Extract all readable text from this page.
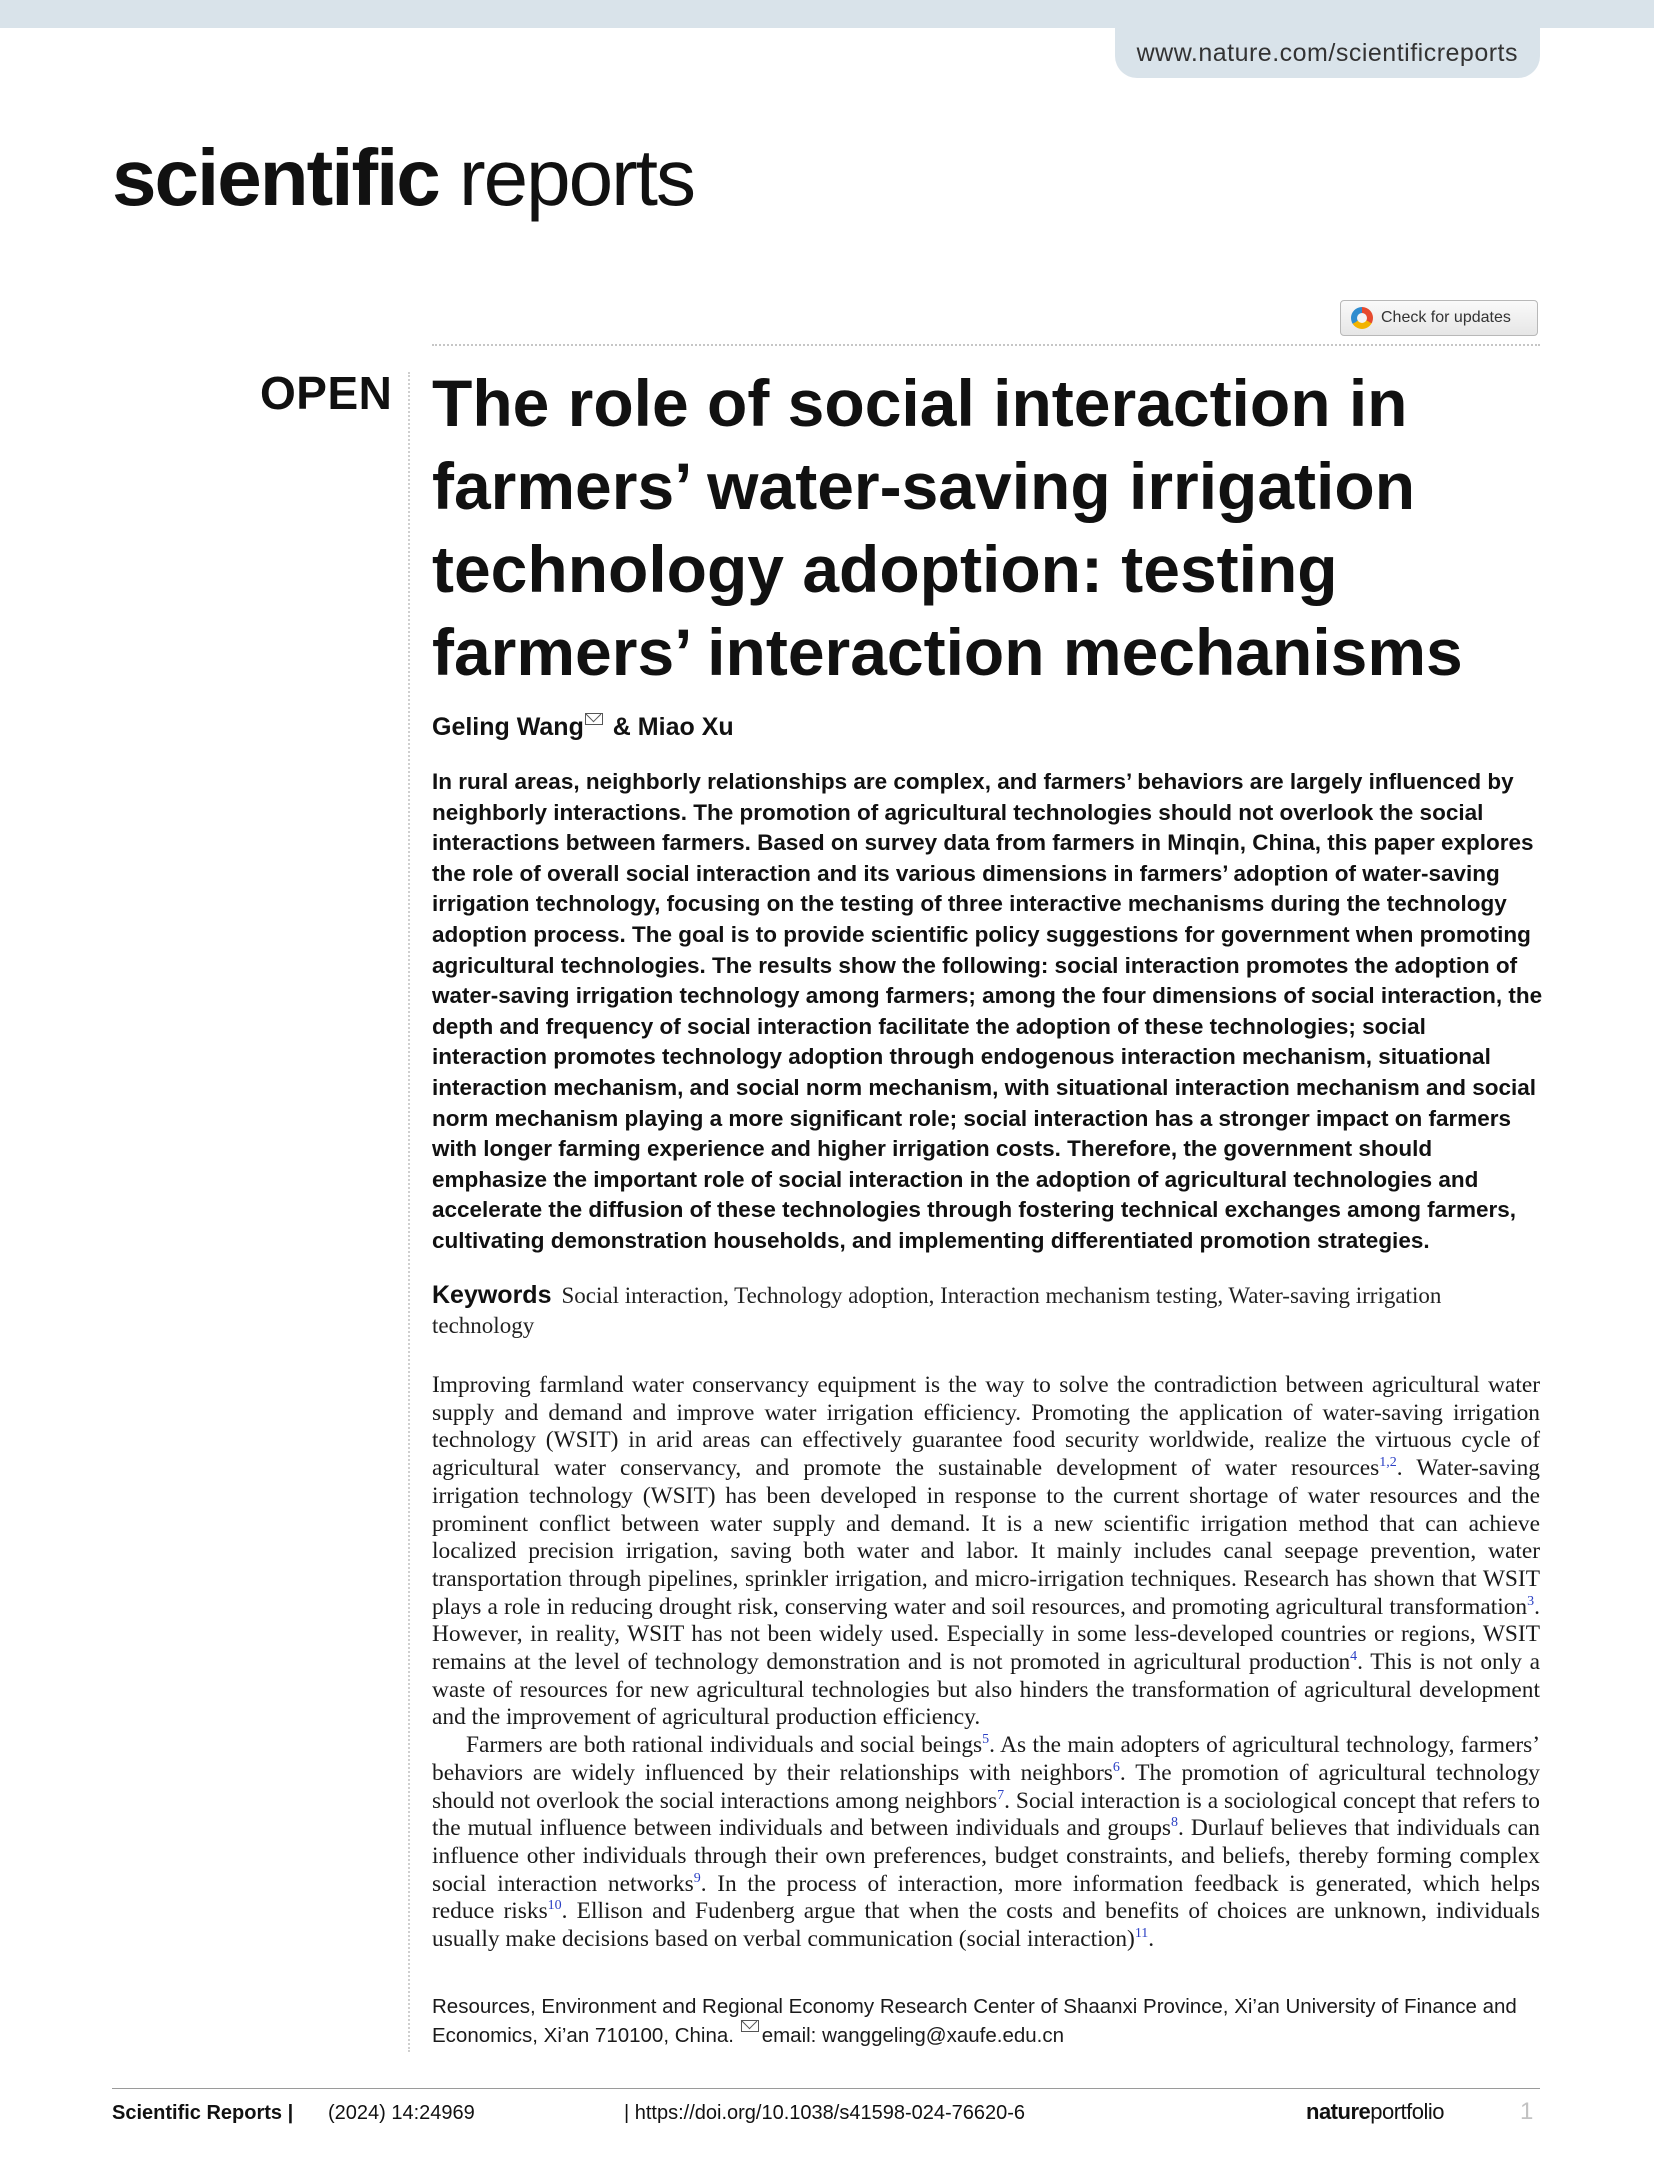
www.nature.com/scientificreports
scientific reports
Check for updates
OPEN The role of social interaction in farmers’ water-saving irrigation technology adoption: testing farmers’ interaction mechanisms
Geling Wang & Miao Xu

In rural areas, neighborly relationships are complex, and farmers’ behaviors are largely influenced by neighborly interactions. The promotion of agricultural technologies should not overlook the social interactions between farmers. Based on survey data from farmers in Minqin, China, this paper explores the role of overall social interaction and its various dimensions in farmers’ adoption of water-saving irrigation technology, focusing on the testing of three interactive mechanisms during the technology adoption process. The goal is to provide scientific policy suggestions for government when promoting agricultural technologies. The results show the following: social interaction promotes the adoption of water-saving irrigation technology among farmers; among the four dimensions of social interaction, the depth and frequency of social interaction facilitate the adoption of these technologies; social interaction promotes technology adoption through endogenous interaction mechanism, situational interaction mechanism, and social norm mechanism, with situational interaction mechanism and social norm mechanism playing a more significant role; social interaction has a stronger impact on farmers with longer farming experience and higher irrigation costs. Therefore, the government should emphasize the important role of social interaction in the adoption of agricultural technologies and accelerate the diffusion of these technologies through fostering technical exchanges among farmers, cultivating demonstration households, and implementing differentiated promotion strategies.

Keywords Social interaction, Technology adoption, Interaction mechanism testing, Water-saving irrigation technology

Improving farmland water conservancy equipment is the way to solve the contradiction between agricultural water supply and demand and improve water irrigation efficiency. Promoting the application of water-saving irrigation technology (WSIT) in arid areas can effectively guarantee food security worldwide, realize the virtuous cycle of agricultural water conservancy, and promote the sustainable development of water resources$^{1,2}$. Water-saving irrigation technology (WSIT) has been developed in response to the current shortage of water resources and the prominent conflict between water supply and demand. It is a new scientific irrigation method that can achieve localized precision irrigation, saving both water and labor. It mainly includes canal seepage prevention, water transportation through pipelines, sprinkler irrigation, and micro-irrigation techniques. Research has shown that WSIT plays a role in reducing drought risk, conserving water and soil resources, and promoting agricultural transformation$^3$. However, in reality, WSIT has not been widely used. Especially in some less-developed countries or regions, WSIT remains at the level of technology demonstration and is not promoted in agricultural production$^4$. This is not only a waste of resources for new agricultural technologies but also hinders the transformation of agricultural development and the improvement of agricultural production efficiency.

Farmers are both rational individuals and social beings$^5$. As the main adopters of agricultural technology, farmers’ behaviors are widely influenced by their relationships with neighbors$^6$. The promotion of agricultural technology should not overlook the social interactions among neighbors$^7$. Social interaction is a sociological concept that refers to the mutual influence between individuals and between individuals and groups$^8$. Durlauf believes that individuals can influence other individuals through their own preferences, budget constraints, and beliefs, thereby forming complex social interaction networks$^9$. In the process of interaction, more information feedback is generated, which helps reduce risks$^{10}$. Ellison and Fudenberg argue that when the costs and benefits of choices are unknown, individuals usually make decisions based on verbal communication (social interaction)$^{11}$.

Resources, Environment and Regional Economy Research Center of Shaanxi Province, Xi’an University of Finance and Economics, Xi’an 710100, China. email: wanggeling@xaufe.edu.cn

Scientific Reports | (2024) 14:24969	| https://doi.org/10.1038/s41598-024-76620-6	natureportfolio	1
